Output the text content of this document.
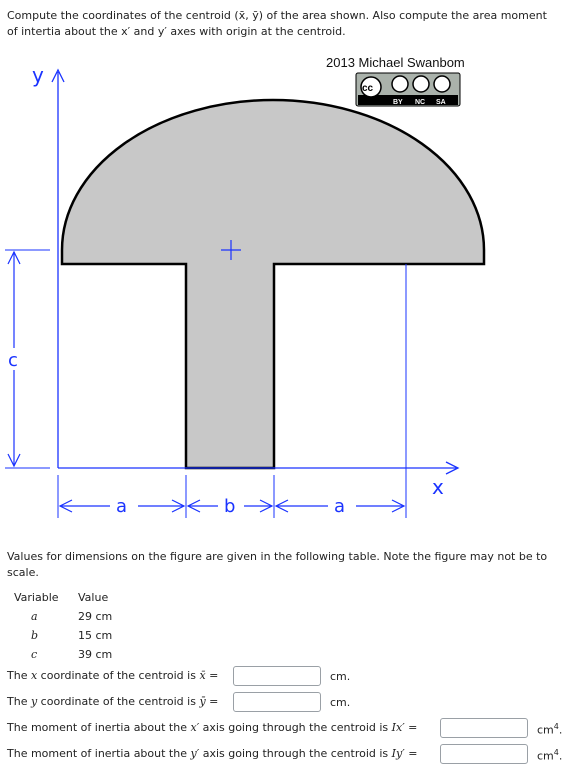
Compute the coordinates of the centroid (x̄, ȳ) of the area shown. Also compute the area moment
of intertia about the x′ and y′ axes with origin at the centroid.
y
x
c
a	b	a
2013 Michael Swanbom
cc
BY NC SA
Values for dimensions on the figure are given in the following table. Note the figure may not be to scale.
Variable	Value
a	29 cm
b	15 cm
c	39 cm
The x coordinate of the centroid is x̄ =	cm.
The y coordinate of the centroid is ȳ =	cm.
The moment of inertia about the x′ axis going through the centroid is Ix′ =	$cm^4$.
The moment of inertia about the y′ axis going through the centroid is Iy′ =	$cm^4$.
